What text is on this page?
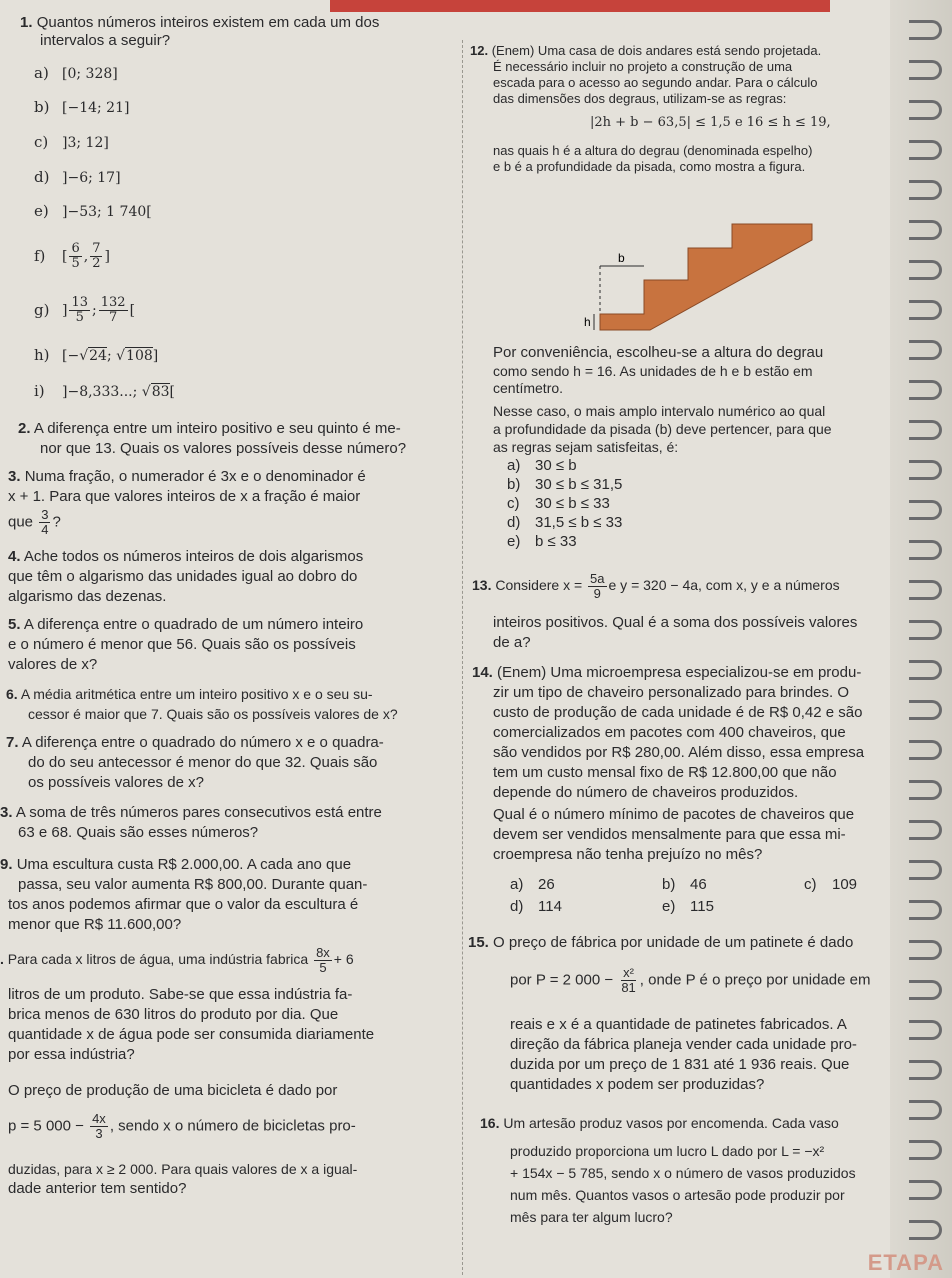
1. Quantos números inteiros existem em cada um dos
intervalos a seguir?
a) [0; 328]
b) [−14; 21]
c) ]3; 12]
d) ]−6; 17]
e) ]−53; 1 740[
f) [ $\frac{6}{5}$ , $\frac{7}{2}$ ]
g) ] $\frac{13}{5}$ ; $\frac{132}{7}$ [
h) [−√24; √108]
i) ]−8,333...; √83[
2. A diferença entre um inteiro positivo e seu quinto é me-
nor que 13. Quais os valores possíveis desse número?
3. Numa fração, o numerador é 3x e o denominador é
x + 1. Para que valores inteiros de x a fração é maior
que $\frac{3}{4}$ ?
4. Ache todos os números inteiros de dois algarismos
que têm o algarismo das unidades igual ao dobro do
algarismo das dezenas.
5. A diferença entre o quadrado de um número inteiro
e o número é menor que 56. Quais são os possíveis
valores de x?
6. A média aritmética entre um inteiro positivo x e o seu su-
cessor é maior que 7. Quais são os possíveis valores de x?
7. A diferença entre o quadrado do número x e o quadra-
do do seu antecessor é menor do que 32. Quais são
os possíveis valores de x?
3. A soma de três números pares consecutivos está entre
63 e 68. Quais são esses números?
9. Uma escultura custa R$ 2.000,00. A cada ano que
passa, seu valor aumenta R$ 800,00. Durante quan-
tos anos podemos afirmar que o valor da escultura é
menor que R$ 11.600,00?
. Para cada x litros de água, uma indústria fabrica $\frac{8x}{5} + 6$
litros de um produto. Sabe-se que essa indústria fa-
brica menos de 630 litros do produto por dia. Que
quantidade x de água pode ser consumida diariamente
por essa indústria?
O preço de produção de uma bicicleta é dado por
p = 5 $000 - \frac{4x}{3}$ , sendo x o número de bicicletas pro-
duzidas, para x ≥ 2 000. Para quais valores de x a igual-
dade anterior tem sentido?
12. (Enem) Uma casa de dois andares está sendo projetada.
É necessário incluir no projeto a construção de uma
escada para o acesso ao segundo andar. Para o cálculo
das dimensões dos degraus, utilizam-se as regras:
|2h + b − 63,5| ≤ 1,5 e 16 ≤ h ≤ 19,
nas quais h é a altura do degrau (denominada espelho)
e b é a profundidade da pisada, como mostra a figura.
b
h
Por conveniência, escolheu-se a altura do degrau
como sendo h = 16. As unidades de h e b estão em
centímetro.
Nesse caso, o mais amplo intervalo numérico ao qual
a profundidade da pisada (b) deve pertencer, para que
as regras sejam satisfeitas, é:
a) 30 ≤ b
b) 30 ≤ b ≤ 31,5
c) 30 ≤ b ≤ 33
d) 31,5 ≤ b ≤ 33
e) b ≤ 33
13. Considere $x = \frac{5a}{9}$ e y = 320 − 4a, com x, y e a números
inteiros positivos. Qual é a soma dos possíveis valores
de a?
14. (Enem) Uma microempresa especializou-se em produ-
zir um tipo de chaveiro personalizado para brindes. O
custo de produção de cada unidade é de R$ 0,42 e são
comercializados em pacotes com 400 chaveiros, que
são vendidos por R$ 280,00. Além disso, essa empresa
tem um custo mensal fixo de R$ 12.800,00 que não
depende do número de chaveiros produzidos.
Qual é o número mínimo de pacotes de chaveiros que
devem ser vendidos mensalmente para que essa mi-
croempresa não tenha prejuízo no mês?
a) 26	b) 46	c) 109
d) 114	e) 115
15. O preço de fábrica por unidade de um patinete é dado
por P = 2 $000 - \frac{\text{x²}}{81}$ , onde P é o preço por unidade em
reais e x é a quantidade de patinetes fabricados. A
direção da fábrica planeja vender cada unidade pro-
duzida por um preço de 1 831 até 1 936 reais. Que
quantidades x podem ser produzidas?
16. Um artesão produz vasos por encomenda. Cada vaso
produzido proporciona um lucro L dado por L = −x²
+ 154x − 5 785, sendo x o número de vasos produzidos
num mês. Quantos vasos o artesão pode produzir por
mês para ter algum lucro?
ETAPA
